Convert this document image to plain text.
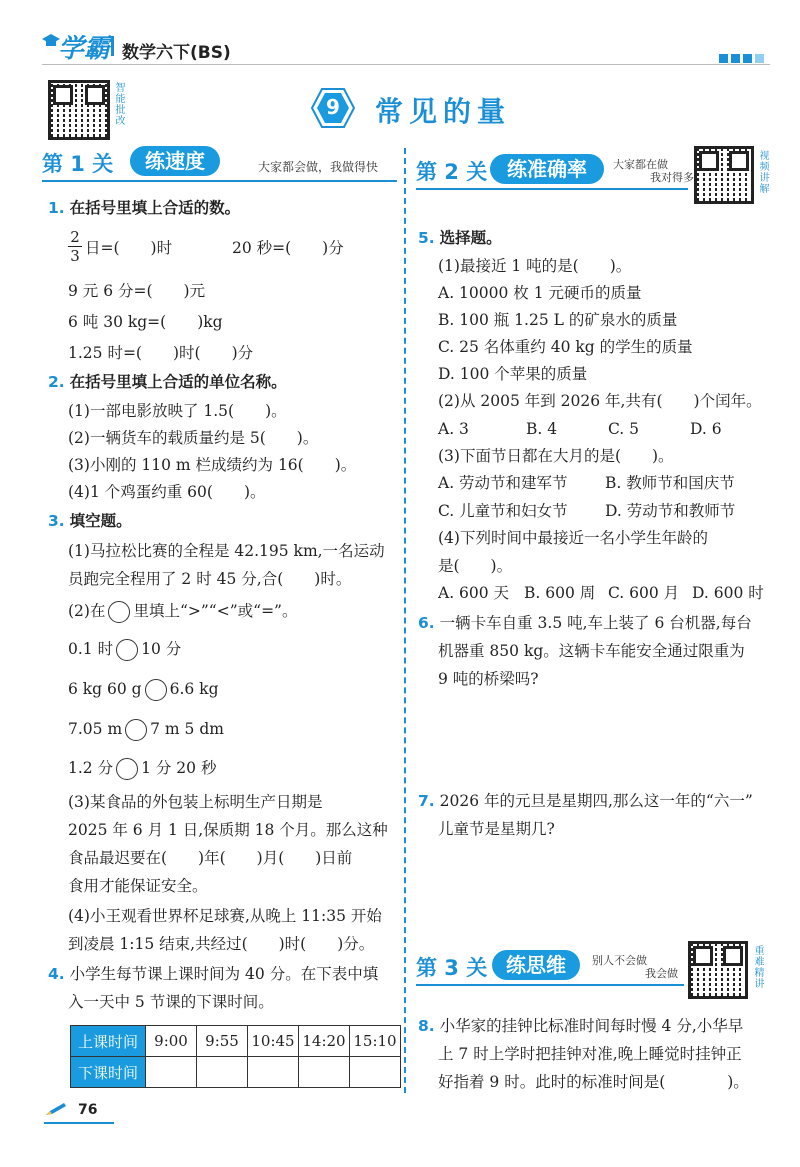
学霸 数学六下(BS)
智能批改	9	常见的量
第 1 关	练速度	大家都会做，我做得快
1. 在括号里填上合适的数。
$\frac{2}{3}$ 日=(　　)时	20 秒=(　　)分
9 元 6 分=(　　)元
6 吨 30 kg=(　　)kg
1.25 时=(　　)时(　　)分
2. 在括号里填上合适的单位名称。
(1)一部电影放映了 1.5(　　)。
(2)一辆货车的载质量约是 5(　　)。
(3)小刚的 110 m 栏成绩约为 16(　　)。
(4)1 个鸡蛋约重 60(　　)。
3. 填空题。
(1)马拉松比赛的全程是 42.195 km,一名运动
员跑完全程用了 2 时 45 分,合(　　)时。
(2)在 里填上“>”“<”或“=”。
0.1 时 10 分
6 kg 60 g 6.6 kg
7.05 m 7 m 5 dm
1.2 分 1 分 20 秒
(3)某食品的外包装上标明生产日期是
2025 年 6 月 1 日,保质期 18 个月。那么这种
食品最迟要在(　　)年(　　)月(　　)日前
食用才能保证安全。
(4)小王观看世界杯足球赛,从晚上 11:35 开始
到凌晨 1:15 结束,共经过(　　)时(　　)分。
4. 小学生每节课上课时间为 40 分。在下表中填
入一天中 5 节课的下课时间。
上课时间	9:00	9:55	10:45	14:20	15:10
下课时间					
76
第 2 关 练准确率	大家都在做
我对得多	视频讲解
5. 选择题。
(1)最接近 1 吨的是(　　)。
A. 10000 枚 1 元硬币的质量
B. 100 瓶 1.25 L 的矿泉水的质量
C. 25 名体重约 40 kg 的学生的质量
D. 100 个苹果的质量
(2)从 2005 年到 2026 年,共有(　　)个闰年。
A. 3	B. 4	C. 5	D. 6
(3)下面节日都在大月的是(　　)。
A. 劳动节和建军节 B. 教师节和国庆节
C. 儿童节和妇女节 D. 劳动节和教师节
(4)下列时间中最接近一名小学生年龄的
是(　　)。
A. 600 天 B. 600 周 C. 600 月 D. 600 时
6. 一辆卡车自重 3.5 吨,车上装了 6 台机器,每台
机器重 850 kg。这辆卡车能安全通过限重为
9 吨的桥梁吗?
7. 2026 年的元旦是星期四,那么这一年的“六一”
儿童节是星期几?
第 3 关 练思维	别人不会做
我会做	重难精讲
8. 小华家的挂钟比标准时间每时慢 4 分,小华早
上 7 时上学时把挂钟对准,晚上睡觉时挂钟正
好指着 9 时。此时的标准时间是(　　　　)。
